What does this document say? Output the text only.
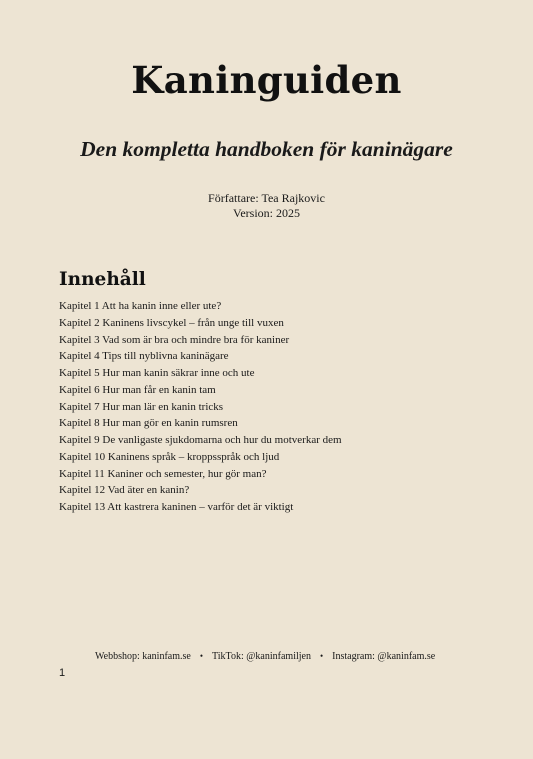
Kaninguiden
Den kompletta handboken för kaninägare
Författare: Tea Rajkovic
Version: 2025
Innehåll
Kapitel 1 Att ha kanin inne eller ute?
Kapitel 2 Kaninens livscykel – från unge till vuxen
Kapitel 3 Vad som är bra och mindre bra för kaniner
Kapitel 4 Tips till nyblivna kaninägare
Kapitel 5 Hur man kanin säkrar inne och ute
Kapitel 6 Hur man får en kanin tam
Kapitel 7 Hur man lär en kanin tricks
Kapitel 8 Hur man gör en kanin rumsren
Kapitel 9 De vanligaste sjukdomarna och hur du motverkar dem
Kapitel 10 Kaninens språk – kroppsspråk och ljud
Kapitel 11 Kaniner och semester, hur gör man?
Kapitel 12 Vad äter en kanin?
Kapitel 13 Att kastrera kaninen – varför det är viktigt
Webbshop: kaninfam.se • TikTok: @kaninfamiljen • Instagram: @kaninfam.se
1
